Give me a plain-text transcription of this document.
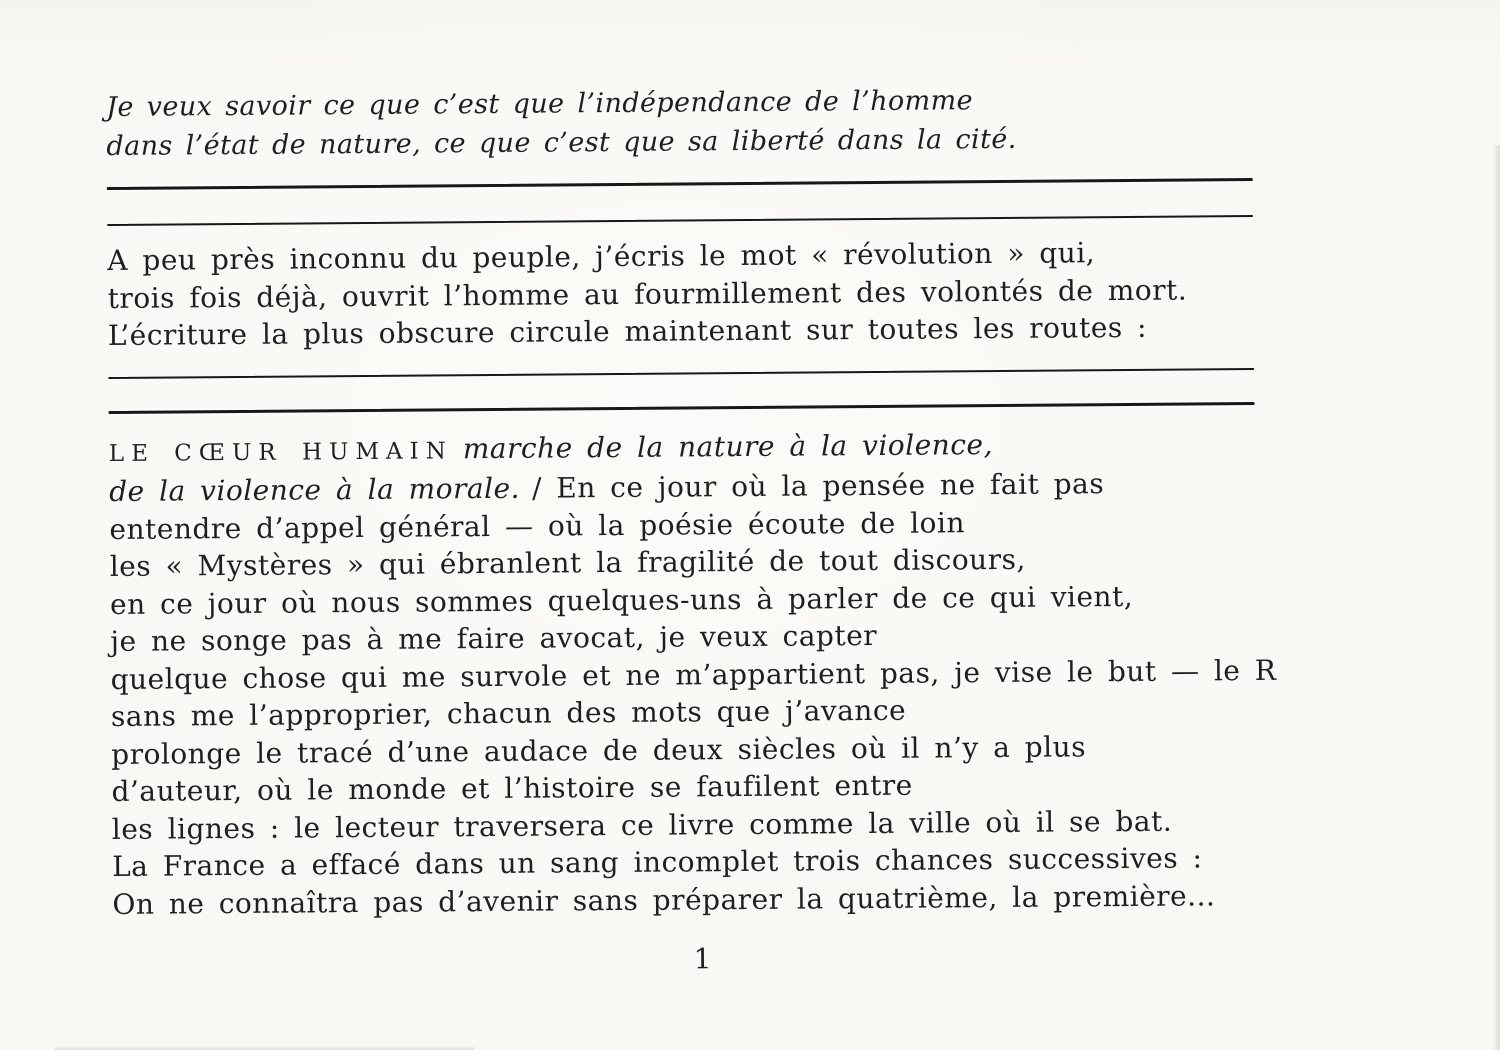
Je veux savoir ce que c’est que l’indépendance de l’homme
dans l’état de nature, ce que c’est que sa liberté dans la cité.
A peu près inconnu du peuple, j’écris le mot « révolution » qui,
trois fois déjà, ouvrit l’homme au fourmillement des volontés de mort.
L’écriture la plus obscure circule maintenant sur toutes les routes :
LE CŒUR HUMAIN marche de la nature à la violence,
de la violence à la morale. / En ce jour où la pensée ne fait pas
entendre d’appel général — où la poésie écoute de loin
les « Mystères » qui ébranlent la fragilité de tout discours,
en ce jour où nous sommes quelques-uns à parler de ce qui vient,
je ne songe pas à me faire avocat, je veux capter
quelque chose qui me survole et ne m’appartient pas, je vise le but — le R
sans me l’approprier, chacun des mots que j’avance
prolonge le tracé d’une audace de deux siècles où il n’y a plus
d’auteur, où le monde et l’histoire se faufilent entre
les lignes : le lecteur traversera ce livre comme la ville où il se bat.
La France a effacé dans un sang incomplet trois chances successives :
On ne connaîtra pas d’avenir sans préparer la quatrième, la première...
1
